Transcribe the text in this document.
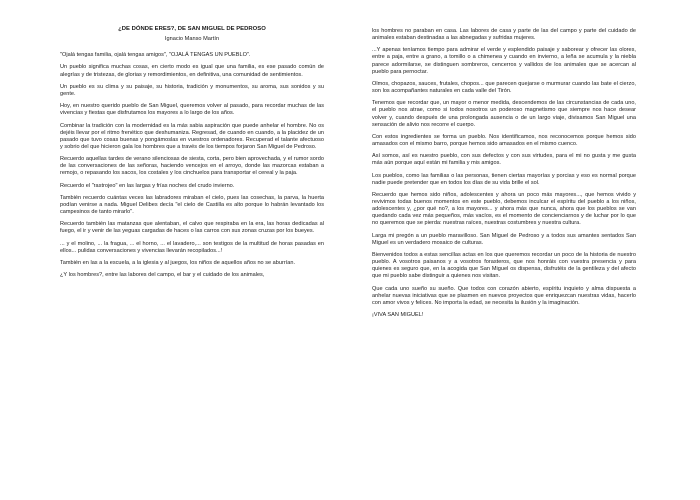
¿DE DÓNDE ERES?, DE SAN MIGUEL DE PEDROSO
Ignacio Manso Martín

"Ojalá tengas familia, ojalá tengas amigos", "OJALÁ TENGAS UN PUEBLO".

Un pueblo significa muchas cosas, en cierto modo es igual que una familia, es ese pasado común de alegrías y de tristezas, de glorias y remordimientos, en definitiva, una comunidad de sentimientos.

Un pueblo es su clima y su paisaje, su historia, tradición y monumentos, su aroma, sus sonidos y su gente.

Hoy, en nuestro querido pueblo de San Miguel, queremos volver al pasado, para recordar muchas de las vivencias y fiestas que disfrutamos los mayores a lo largo de los años.

Combinar la tradición con la modernidad es la más sabia aspiración que puede anhelar el hombre. No os dejéis llevar por el ritmo frenético que deshumaniza. Regresad, de cuando en cuando, a la placidez de un pasado que tuvo cosas buenas y pongámoslas en vuestros ordenadores. Recuperad el talante afectuoso y sobrio del que hicieron gala los hombres que a través de los tiempos forjaron San Miguel de Pedroso.

Recuerdo aquellas tardes de verano silenciosas de siesta, corta, pero bien aprovechada, y el rumor sordo de las conversaciones de las señoras, haciendo vencejos en el arroyo, donde las mazorcas estaban a remojo, o repasando los sacos, los costales y los cinchuelos para transportar el cereal y la paja.

Recuerdo el "rastrojeo" en las largas y frías noches del crudo invierno.

También recuerdo cuántas veces las labradores miraban el cielo, pues las cosechas, la parva, la huerta podían venirse a nada. Miguel Delibes decía "el cielo de Castilla es alto porque lo habrán levantado los campesinos de tanto mirarlo".

Recuerdo también las matanzas que alentaban, el calvo que respiraba en la era, las horas dedicadas al fuego, el ir y venir de las yeguas cargadas de haces o las carros con sus zonas cruzas por los bueyes.

... y el molino, ... la fragua, ... el horno, ... el lavadero,... son testigos de la multitud de horas pasadas en ellos... pulidas conversaciones y vivencias llevarán recopilados...!

También en las a la escuela, a la iglesia y al juegos, los niños de aquellos años no se aburrían.

¿Y los hombres?, entre las labores del campo, el bar y el cuidado de los animales,

los hombres no paraban en casa. Las labores de casa y parte de las del campo y parte del cuidado de animales estaban destinadas a las abnegadas y sufridas mujeres.

...Y apenas teníamos tiempo para admirar el verde y esplendido paisaje y saborear y ofrecer las olores, entre a paja, entre a grano, a tomillo o a chimenea y cuando en invierno, a leña se acumula y la niebla parece adormilarse, se distinguen sombreros, cencerros y vallidos de los animales que se acercan al pueblo para pernoctar.

Olmos, chopazos, sauces, frutales, chopos... que parecen quejarse o murmurar cuando las bate el cierzo, son los acompañantes naturales en cada valle del Tirón.

Tenemos que recordar que, un mayor o menor medida, descendemos de las circunstancias de cada uno, el pueblo nos atrae, como si todos nosotros un poderoso magnetismo que siempre nos hace desear volver y, cuando después de una prolongada ausencia o de un largo viaje, divisamos San Miguel una sensación de alivio nos recorre el cuerpo.

Con estos ingredientes se forma un pueblo. Nos identificamos, nos reconocemos porque hemos sido amasados con el mismo barro, porque hemos sido amasados en el mismo cuenco.

Así somos, así es nuestro pueblo, con sus defectos y con sus virtudes, para el mi no gusta y me gusta más aún porque aquí están mi familia y mis amigos.

Los pueblos, como las familias o las personas, tienen ciertas mayorías y porcias y eso es normal porque nadie puede pretender que en todos los días de su vida brille el sol.

Recuerdo que hemos sido niños, adolescentes y ahora un poco más mayores..., que hemos vivido y revivimos todas buenos momentos en este pueblo, debemos inculcar el espíritu del pueblo a los niños, adolescentes y, ¿por qué no?, a los mayores... y ahora más que nunca, ahora que los pueblos se van quedando cada vez más pequeños, más vacíos, es el momento de concienciarnos y de luchar por lo que no queremos que se pierda: nuestras raíces, nuestras costumbres y nuestra cultura.

Larga mi pregón a un pueblo maravilloso. San Miguel de Pedroso y a todos sus amantes sentados San Miguel es un verdadero mosaico de culturas.

Bienvenidos todos a estas sencillas actas en los que queremos recordar un poco de la historia de nuestro pueblo. A vosotros paisanos y a vosotros forasteros, que nos honráis con vuestra presencia y para quienes es seguro que, en la acogida que San Miguel os dispensa, disfrutéis de la gentileza y del afecto que mi pueblo sabe distinguir a quienes nos visitan.

Que cada uno sueño su sueño. Que todos con corazón abierto, espíritu inquieto y alma dispuesta a anhelar nuevas iniciativas que se plasmen en nuevos proyectos que enriquezcan nuestras vidas, hacerlo con amor vivos y felices. No importa la edad, se necesita la ilusión y la imaginación.

¡VIVA SAN MIGUEL!
